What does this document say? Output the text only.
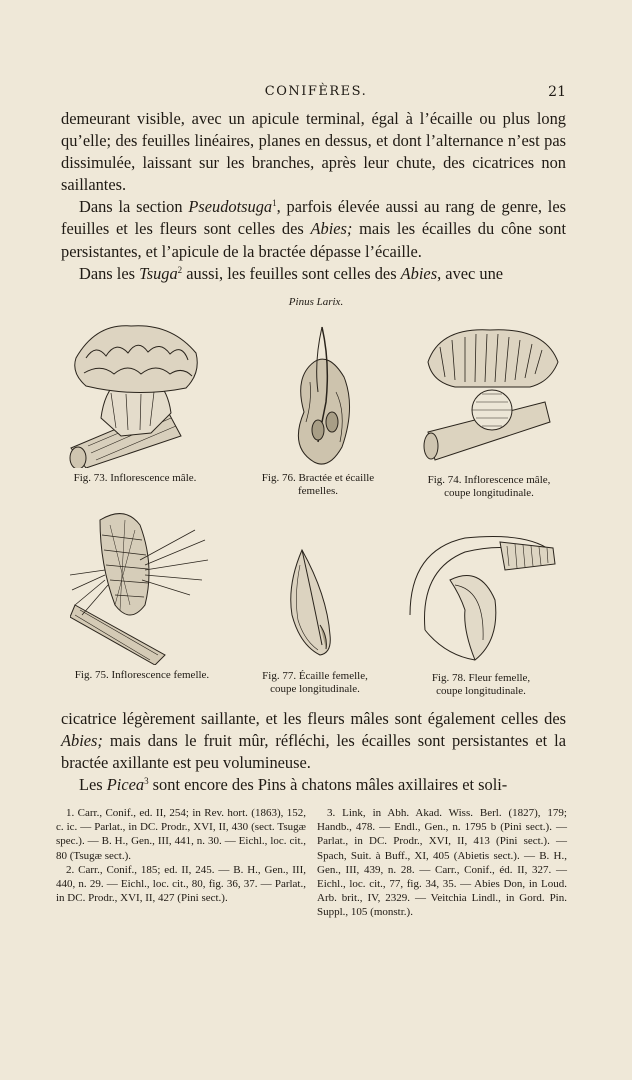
CONIFÈRES.	21

demeurant visible, avec un apicule terminal, égal à l’écaille ou plus long qu’elle; des feuilles linéaires, planes en dessus, et dont l’alternance n’est pas dissimulée, laissant sur les branches, après leur chute, des cicatrices non saillantes.

Dans la section Pseudotsuga$^1$, parfois élevée aussi au rang de genre, les feuilles et les fleurs sont celles des Abies; mais les écailles du cône sont persistantes, et l’apicule de la bractée dépasse l’écaille.

Dans les Tsuga$^2$ aussi, les feuilles sont celles des Abies, avec une

Pinus Larix.
Fig. 73. Inflorescence mâle.	Fig. 76. Bractée et écaille
femelles.
Fig. 74. Inflorescence mâle,
coupe longitudinale.
Fig. 75. Inflorescence femelle.	Fig. 77. Écaille femelle,
coupe longitudinale.
Fig. 78. Fleur femelle,
coupe longitudinale.

cicatrice légèrement saillante, et les fleurs mâles sont également celles des Abies; mais dans le fruit mûr, réfléchi, les écailles sont persistantes et la bractée axillante est peu volumineuse.

Les Picea$^3$ sont encore des Pins à chatons mâles axillaires et soli-

1. Carr., Conif., ed. II, 254; in Rev. hort. (1863), 152, c. ic. — Parlat., in DC. Prodr., XVI, II, 430 (sect. Tsugæ spec.). — B. H., Gen., III, 441, n. 30. — Eichl., loc. cit., 80 (Tsugæ sect.).

2. Carr., Conif., 185; ed. II, 245. — B. H., Gen., III, 440, n. 29. — Eichl., loc. cit., 80, fig. 36, 37. — Parlat., in DC. Prodr., XVI, II, 427 (Pini sect.).

3. Link, in Abh. Akad. Wiss. Berl. (1827), 179; Handb., 478. — Endl., Gen., n. 1795 b (Pini sect.). — Parlat., in DC. Prodr., XVI, II, 413 (Pini sect.). — Spach, Suit. à Buff., XI, 405 (Abietis sect.). — B. H., Gen., III, 439, n. 28. — Carr., Conif., éd. II, 327. — Eichl., loc. cit., 77, fig. 34, 35. — Abies Don, in Loud. Arb. brit., IV, 2329. — Veitchia Lindl., in Gord. Pin. Suppl., 105 (monstr.).
